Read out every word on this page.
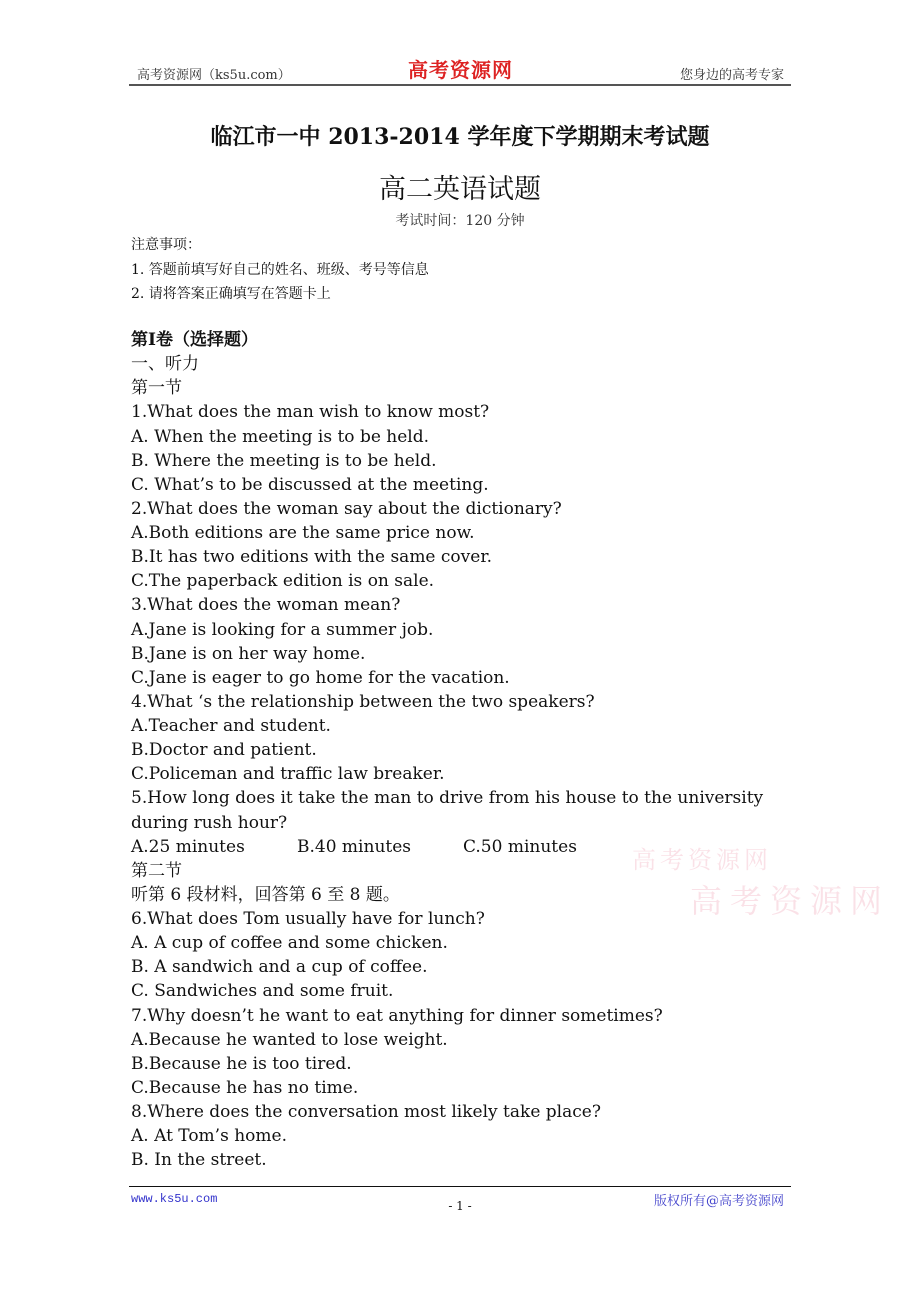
高考资源网（ks5u.com）	高考资源网	您身边的高考专家
临江市一中 2013-2014 学年度下学期期末考试题
高二英语试题
考试时间：120 分钟
注意事项：
1. 答题前填写好自己的姓名、班级、考号等信息
2. 请将答案正确填写在答题卡上
第Ⅰ卷（选择题）
一、听力
第一节
1.What does the man wish to know most?
A. When the meeting is to be held.
B. Where the meeting is to be held.
C. What’s to be discussed at the meeting.
2.What does the woman say about the dictionary?
A.Both editions are the same price now.
B.It has two editions with the same cover.
C.The paperback edition is on sale.
3.What does the woman mean?
A.Jane is looking for a summer job.
B.Jane is on her way home.
C.Jane is eager to go home for the vacation.
4.What ‘s the relationship between the two speakers?
A.Teacher and student.
B.Doctor and patient.
C.Policeman and traffic law breaker.
5.How long does it take the man to drive from his house to the university during rush hour?
A.25 minutes	B.40 minutes	C.50 minutes
第二节
听第 6 段材料，回答第 6 至 8 题。
6.What does Tom usually have for lunch?
A. A cup of coffee and some chicken.
B. A sandwich and a cup of coffee.
C. Sandwiches and some fruit.
7.Why doesn’t he want to eat anything for dinner sometimes?
A.Because he wanted to lose weight.
B.Because he is too tired.
C.Because he has no time.
8.Where does the conversation most likely take place?
A. At Tom’s home.
B. In the street.
高考资源网
高考资源网
www.ks5u.com	- 1 -	版权所有@高考资源网
